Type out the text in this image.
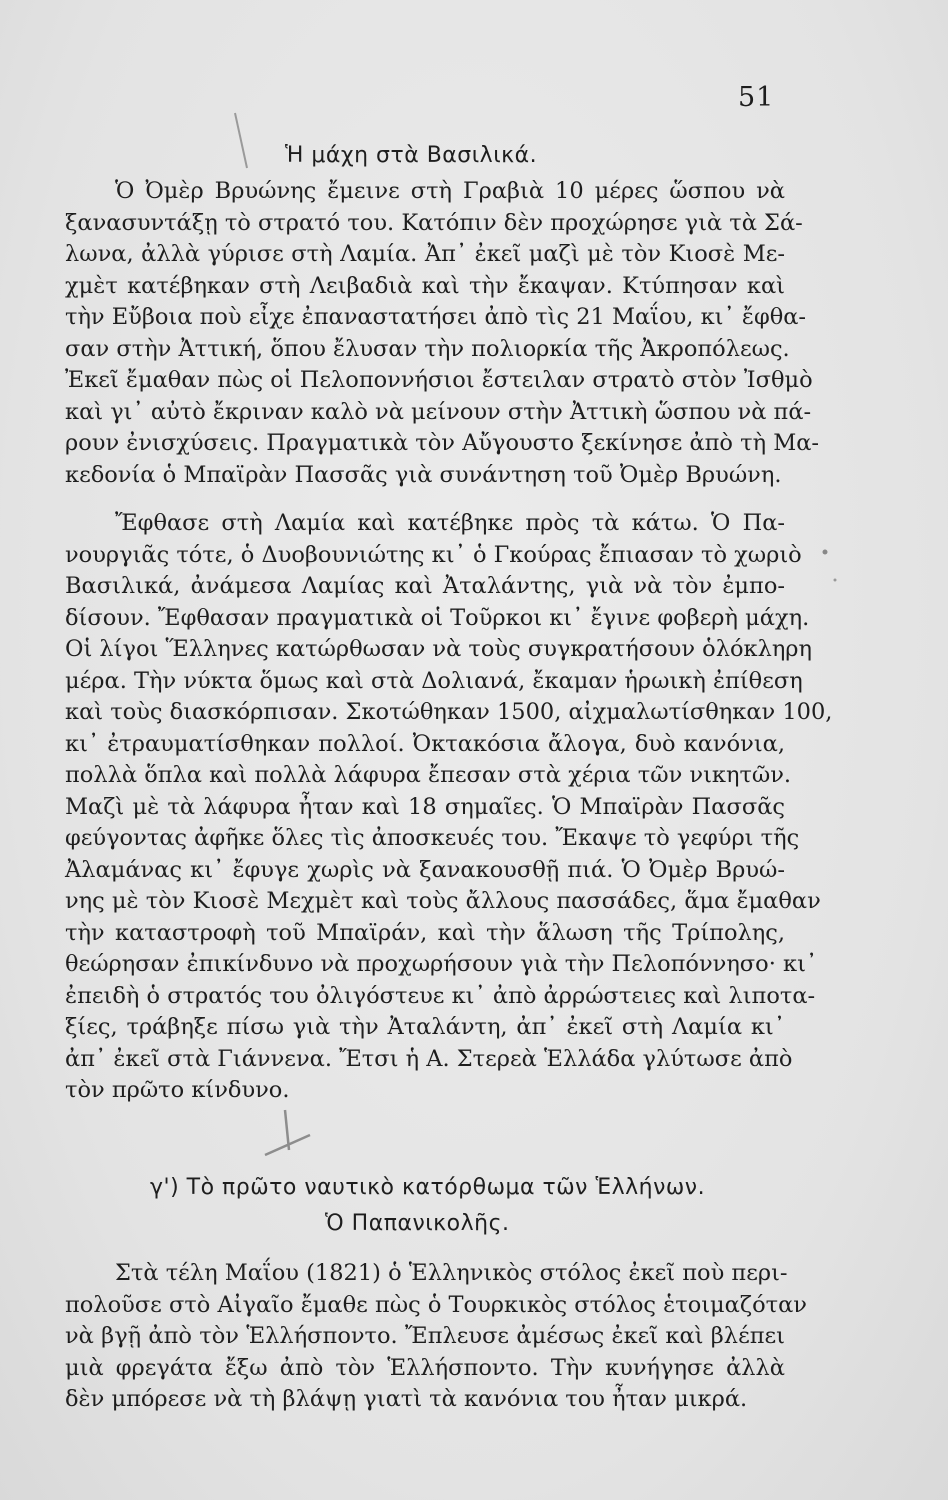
51
Ἡ μάχη στὰ Βασιλικά.
Ὁ Ὀμὲρ Βρυώνης ἔμεινε στὴ Γραβιὰ 10 μέρες ὥσπου νὰ
ξανασυντάξῃ τὸ στρατό του. Κατόπιν δὲν προχώρησε γιὰ τὰ Σά-
λωνα, ἀλλὰ γύρισε στὴ Λαμία. Ἀπ᾽ ἐκεῖ μαζὶ μὲ τὸν Κιοσὲ Με-
χμὲτ κατέβηκαν στὴ Λειβαδιὰ καὶ τὴν ἔκαψαν. Κτύπησαν καὶ
τὴν Εὔβοια ποὺ εἶχε ἐπαναστατήσει ἀπὸ τὶς 21 Μαΐου, κι᾽ ἔφθα-
σαν στὴν Ἀττική, ὅπου ἔλυσαν τὴν πολιορκία τῆς Ἀκροπόλεως.
Ἐκεῖ ἔμαθαν πὼς οἱ Πελοποννήσιοι ἔστειλαν στρατὸ στὸν Ἰσθμὸ
καὶ γι᾽ αὐτὸ ἔκριναν καλὸ νὰ μείνουν στὴν Ἀττικὴ ὥσπου νὰ πά-
ρουν ἐνισχύσεις. Πραγματικὰ τὸν Αὔγουστο ξεκίνησε ἀπὸ τὴ Μα-
κεδονία ὁ Μπαϊρὰν Πασσᾶς γιὰ συνάντηση τοῦ Ὀμὲρ Βρυώνη.
Ἔφθασε στὴ Λαμία καὶ κατέβηκε πρὸς τὰ κάτω. Ὁ Πα-
νουργιᾶς τότε, ὁ Δυοβουνιώτης κι᾽ ὁ Γκούρας ἔπιασαν τὸ χωριὸ
Βασιλικά, ἀνάμεσα Λαμίας καὶ Ἀταλάντης, γιὰ νὰ τὸν ἐμπο-
δίσουν. Ἔφθασαν πραγματικὰ οἱ Τοῦρκοι κι᾽ ἔγινε φοβερὴ μάχη.
Οἱ λίγοι Ἕλληνες κατώρθωσαν νὰ τοὺς συγκρατήσουν ὁλόκληρη
μέρα. Τὴν νύκτα ὅμως καὶ στὰ Δολιανά, ἔκαμαν ἡρωικὴ ἐπίθεση
καὶ τοὺς διασκόρπισαν. Σκοτώθηκαν 1500, αἰχμαλωτίσθηκαν 100,
κι᾽ ἐτραυματίσθηκαν πολλοί. Ὀκτακόσια ἄλογα, δυὸ κανόνια,
πολλὰ ὅπλα καὶ πολλὰ λάφυρα ἔπεσαν στὰ χέρια τῶν νικητῶν.
Μαζὶ μὲ τὰ λάφυρα ἦταν καὶ 18 σημαῖες. Ὁ Μπαϊρὰν Πασσᾶς
φεύγοντας ἀφῆκε ὅλες τὶς ἀποσκευές του. Ἔκαψε τὸ γεφύρι τῆς
Ἀλαμάνας κι᾽ ἔφυγε χωρὶς νὰ ξανακουσθῇ πιά. Ὁ Ὀμὲρ Βρυώ-
νης μὲ τὸν Κιοσὲ Μεχμὲτ καὶ τοὺς ἄλλους πασσάδες, ἅμα ἔμαθαν
τὴν καταστροφὴ τοῦ Μπαϊράν, καὶ τὴν ἅλωση τῆς Τρίπολης,
θεώρησαν ἐπικίνδυνο νὰ προχωρήσουν γιὰ τὴν Πελοπόννησο· κι᾽
ἐπειδὴ ὁ στρατός του ὀλιγόστευε κι᾽ ἀπὸ ἀρρώστειες καὶ λιποτα-
ξίες, τράβηξε πίσω γιὰ τὴν Ἀταλάντη, ἀπ᾽ ἐκεῖ στὴ Λαμία κι᾽
ἀπ᾽ ἐκεῖ στὰ Γιάννενα. Ἔτσι ἡ Α. Στερεὰ Ἑλλάδα γλύτωσε ἀπὸ
τὸν πρῶτο κίνδυνο.
γ') Τὸ πρῶτο ναυτικὸ κατόρθωμα τῶν Ἑλλήνων.
Ὁ Παπανικολῆς.
Στὰ τέλη Μαΐου (1821) ὁ Ἑλληνικὸς στόλος ἐκεῖ ποὺ περι-
πολοῦσε στὸ Αἰγαῖο ἔμαθε πὼς ὁ Τουρκικὸς στόλος ἑτοιμαζόταν
νὰ βγῇ ἀπὸ τὸν Ἑλλήσποντο. Ἔπλευσε ἀμέσως ἐκεῖ καὶ βλέπει
μιὰ φρεγάτα ἔξω ἀπὸ τὸν Ἑλλήσποντο. Τὴν κυνήγησε ἀλλὰ
δὲν μπόρεσε νὰ τὴ βλάψῃ γιατὶ τὰ κανόνια του ἦταν μικρά.
